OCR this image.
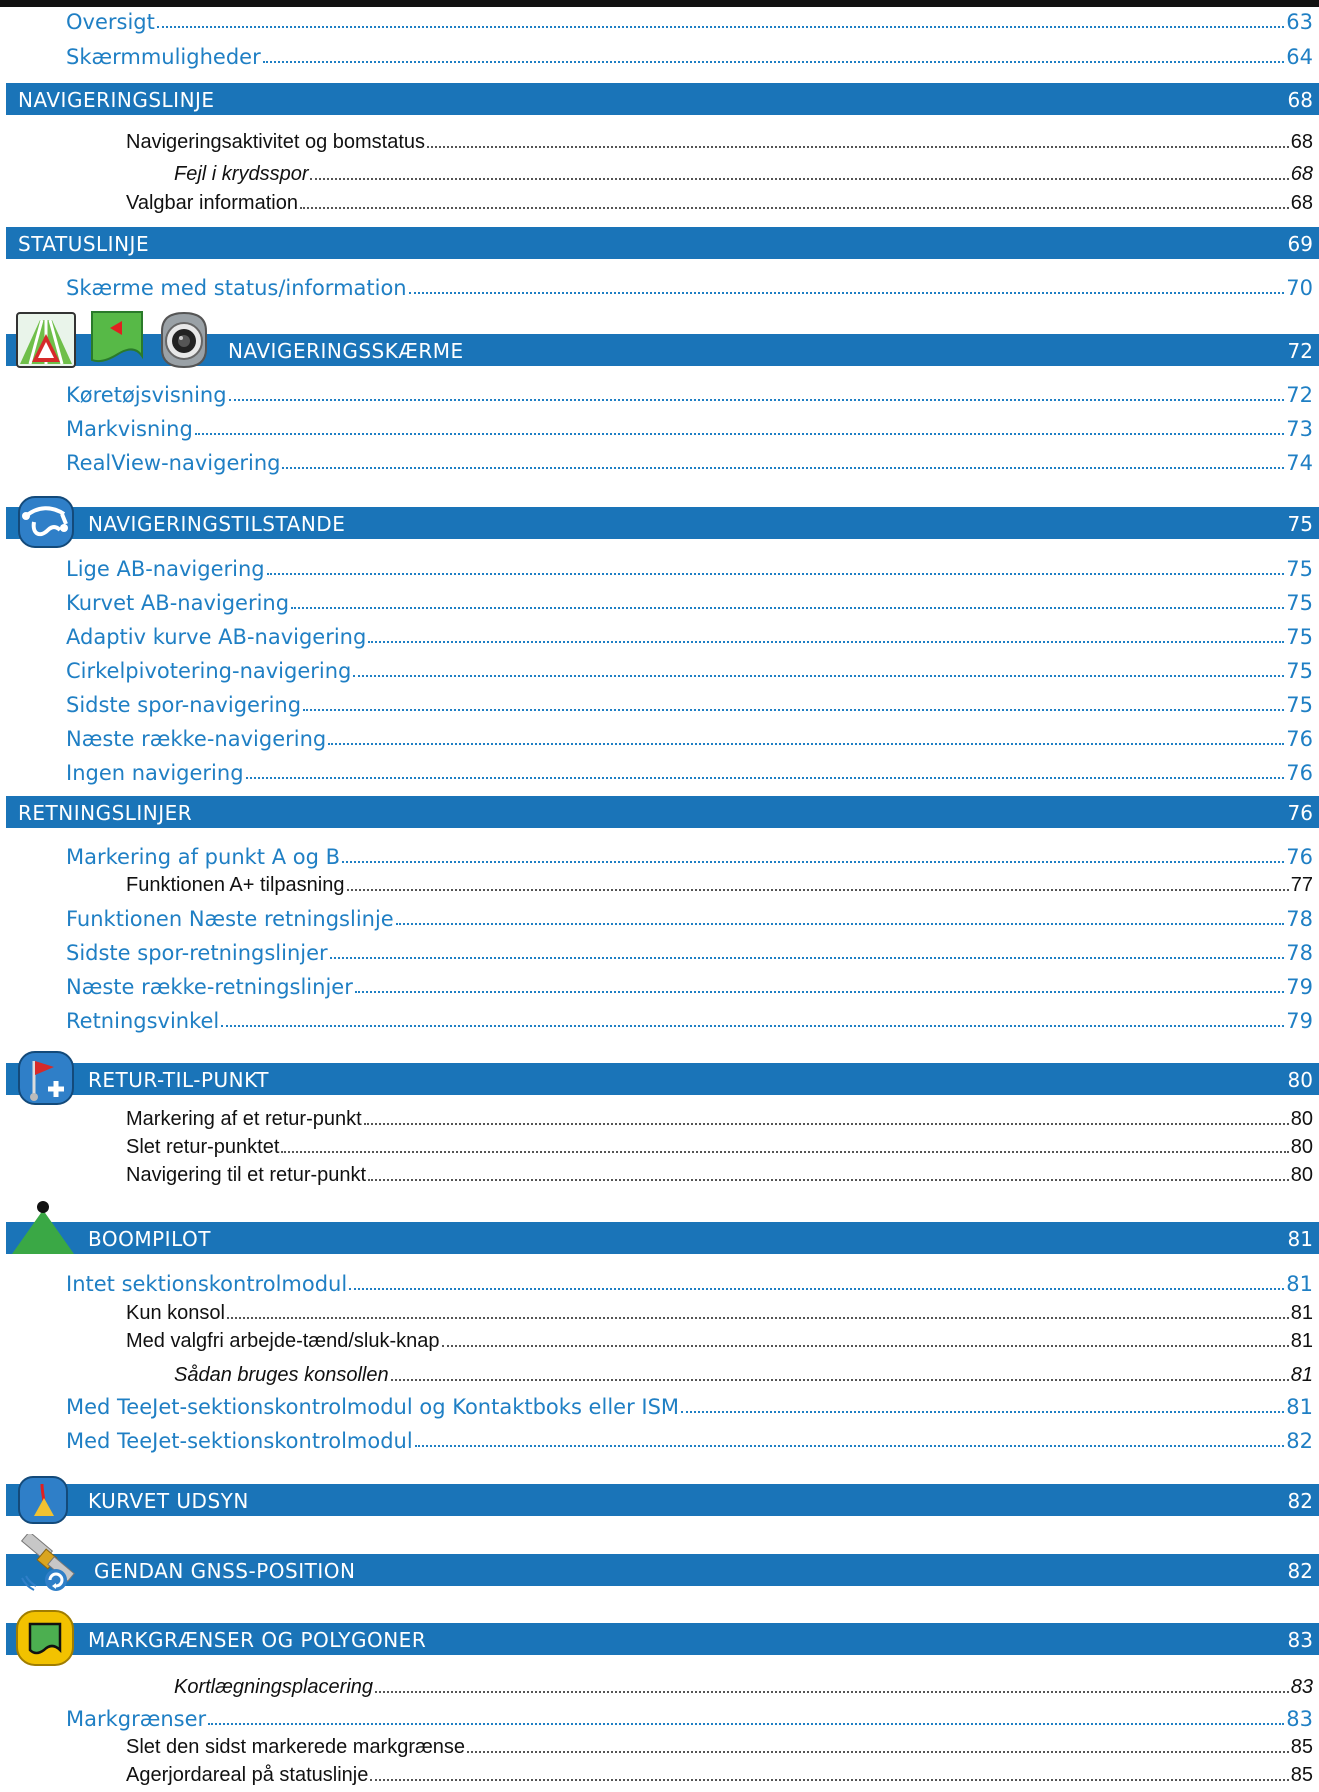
Oversigt	63
Skærmmuligheder	64
NAVIGERINGSLINJE	68
Navigeringsaktivitet og bomstatus	68
Fejl i krydsspor	68
Valgbar information	68
STATUSLINJE	69
Skærme med status/information	70
NAVIGERINGSSKÆRME	72
Køretøjsvisning	72
Markvisning	73
RealView-navigering	74
NAVIGERINGSTILSTANDE	75
Lige AB-navigering	75
Kurvet AB-navigering	75
Adaptiv kurve AB-navigering	75
Cirkelpivotering-navigering	75
Sidste spor-navigering	75
Næste række-navigering	76
Ingen navigering	76
RETNINGSLINJER	76
Markering af punkt A og B	76
Funktionen A+ tilpasning	77
Funktionen Næste retningslinje	78
Sidste spor-retningslinjer	78
Næste række-retningslinjer	79
Retningsvinkel	79
RETUR-TIL-PUNKT	80
Markering af et retur-punkt	80
Slet retur-punktet	80
Navigering til et retur-punkt	80
BOOMPILOT	81
Intet sektionskontrolmodul	81
Kun konsol	81
Med valgfri arbejde-tænd/sluk-knap	81
Sådan bruges konsollen	81
Med TeeJet-sektionskontrolmodul og Kontaktboks eller ISM	81
Med TeeJet-sektionskontrolmodul	82
KURVET UDSYN	82
GENDAN GNSS-POSITION	82
MARKGRÆNSER OG POLYGONER	83
Kortlægningsplacering	83
Markgrænser	83
Slet den sidst markerede markgrænse	85
Agerjordareal på statuslinje	85
